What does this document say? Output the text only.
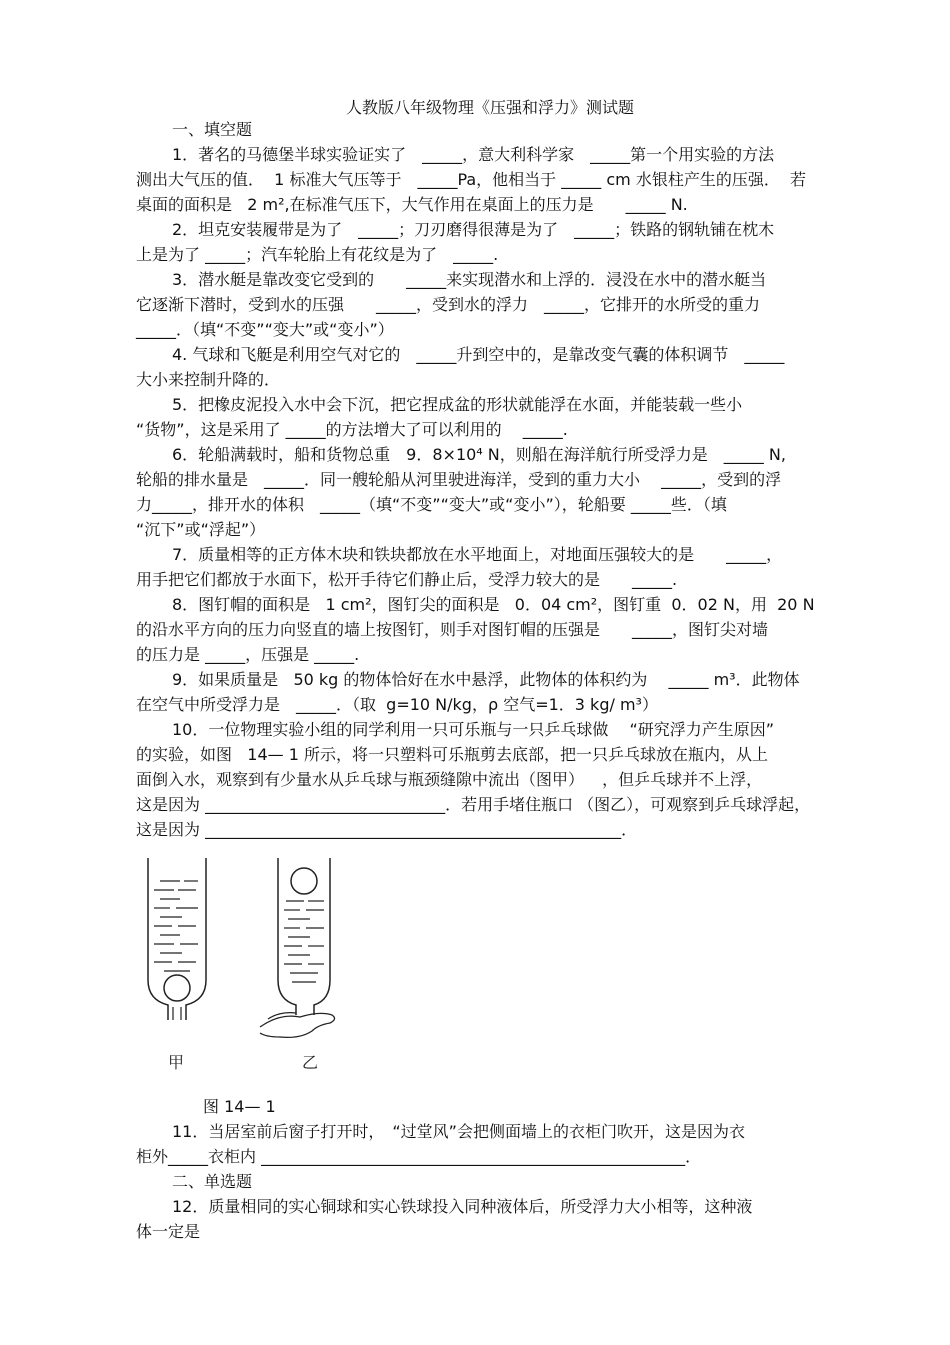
人教版八年级物理《压强和浮力》测试题
一、填空题
1．著名的马德堡半球实验证实了　_____，意大利科学家　_____第一个用实验的方法
测出大气压的值．  1 标准大气压等于　_____Pa，他相当于 _____ cm 水银柱产生的压强．  若
桌面的面积是   2 m²,在标准气压下，大气作用在桌面上的压力是　　_____ N.
2．坦克安装履带是为了　_____；刀刃磨得很薄是为了　_____；铁路的钢轨铺在枕木
上是为了 _____；汽车轮胎上有花纹是为了　_____.
3．潜水艇是靠改变它受到的　　_____来实现潜水和上浮的．浸没在水中的潜水艇当
它逐渐下潜时，受到水的压强　　_____，受到水的浮力　_____，它排开的水所受的重力
_____．（填“不变”“变大”或“变小”）
4. 气球和飞艇是利用空气对它的　_____升到空中的，是靠改变气囊的体积调节　_____
大小来控制升降的．
5．把橡皮泥投入水中会下沉，把它捏成盆的形状就能浮在水面，并能装载一些小
“货物”，这是采用了 _____的方法增大了可以利用的　 _____.
6．轮船满载时，船和货物总重　9．8×10⁴ N，则船在海洋航行所受浮力是　_____ N,
轮船的排水量是　_____．同一艘轮船从河里驶进海洋，受到的重力大小　 _____，受到的浮
力_____，排开水的体积　_____（填“不变”“变大”或“变小”），轮船要 _____些．（填
“沉下”或“浮起”）
7．质量相等的正方体木块和铁块都放在水平地面上，对地面压强较大的是　　_____，
用手把它们都放于水面下，松开手待它们静止后，受浮力较大的是　　_____.
8．图钉帽的面积是   1 cm²，图钉尖的面积是   0．04 cm²，图钉重  0．02 N，用  20 N
的沿水平方向的压力向竖直的墙上按图钉，则手对图钉帽的压强是　　_____，图钉尖对墙
的压力是 _____，压强是 _____.
9．如果质量是   50 kg 的物体恰好在水中悬浮，此物体的体积约为　 _____ m³．此物体
在空气中所受浮力是　_____．（取  g=10 N/kg，ρ 空气=1．3 kg/ m³）
10．一位物理实验小组的同学利用一只可乐瓶与一只乒乓球做　 “研究浮力产生原因”
的实验，如图   14— 1 所示，将一只塑料可乐瓶剪去底部，把一只乒乓球放在瓶内，从上
面倒入水，观察到有少量水从乒乓球与瓶颈缝隙中流出（图甲）　  ，但乒乓球并不上浮，
这是因为 ______________________________．若用手堵住瓶口 （图乙），可观察到乒乓球浮起，
这是因为 ____________________________________________________．
甲	乙
图 14— 1
11．当居室前后窗子打开时，　“过堂风”会把侧面墙上的衣柜门吹开，这是因为衣
柜外_____衣柜内 _____________________________________________________．
二、单选题
12．质量相同的实心铜球和实心铁球投入同种液体后，所受浮力大小相等，这种液
体一定是
